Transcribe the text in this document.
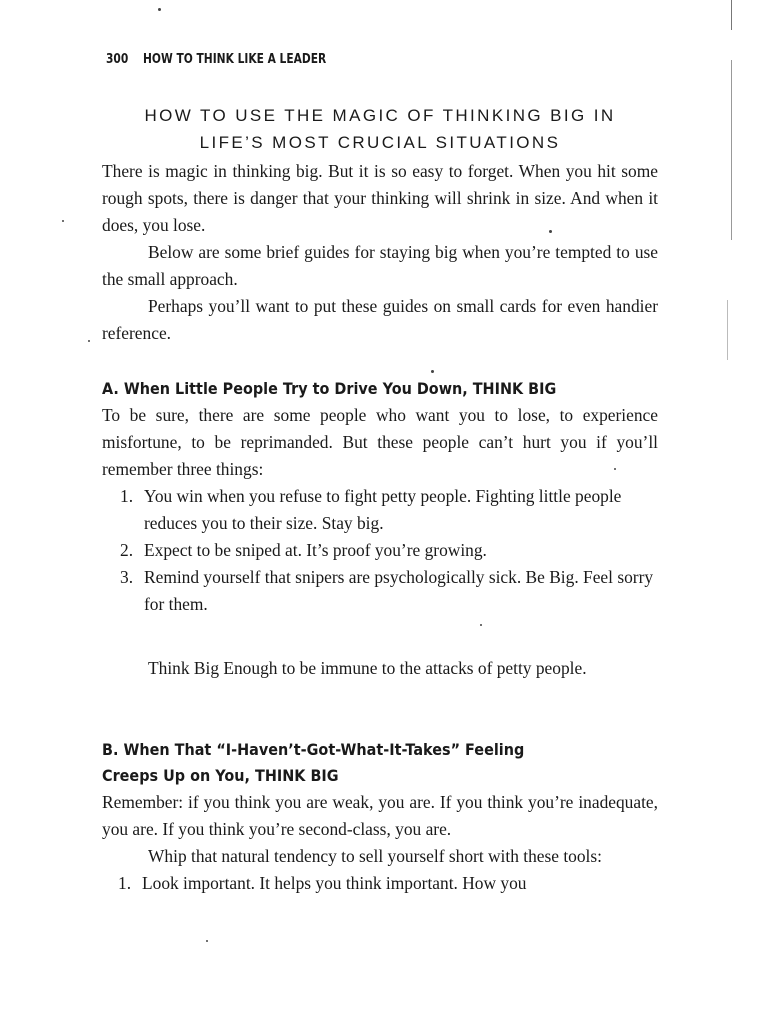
300 HOW TO THINK LIKE A LEADER
HOW TO USE THE MAGIC OF THINKING BIG IN
LIFE’S MOST CRUCIAL SITUATIONS

There is magic in thinking big. But it is so easy to forget. When you hit some rough spots, there is danger that your thinking will shrink in size. And when it does, you lose.

Below are some brief guides for staying big when you’re tempted to use the small approach.

Perhaps you’ll want to put these guides on small cards for even handier reference.

A. When Little People Try to Drive You Down, THINK BIG

To be sure, there are some people who want you to lose, to experience misfortune, to be reprimanded. But these people can’t hurt you if you’ll remember three things:

1. You win when you refuse to fight petty people. Fighting little people reduces you to their size. Stay big.
2. Expect to be sniped at. It’s proof you’re growing.
3. Remind yourself that snipers are psychologically sick. Be Big. Feel sorry for them.

Think Big Enough to be immune to the attacks of petty people.

B. When That “I-Haven’t-Got-What-It-Takes” Feeling
Creeps Up on You, THINK BIG

Remember: if you think you are weak, you are. If you think you’re inadequate, you are. If you think you’re second-class, you are.

Whip that natural tendency to sell yourself short with these tools:

1. Look important. It helps you think important. How you
